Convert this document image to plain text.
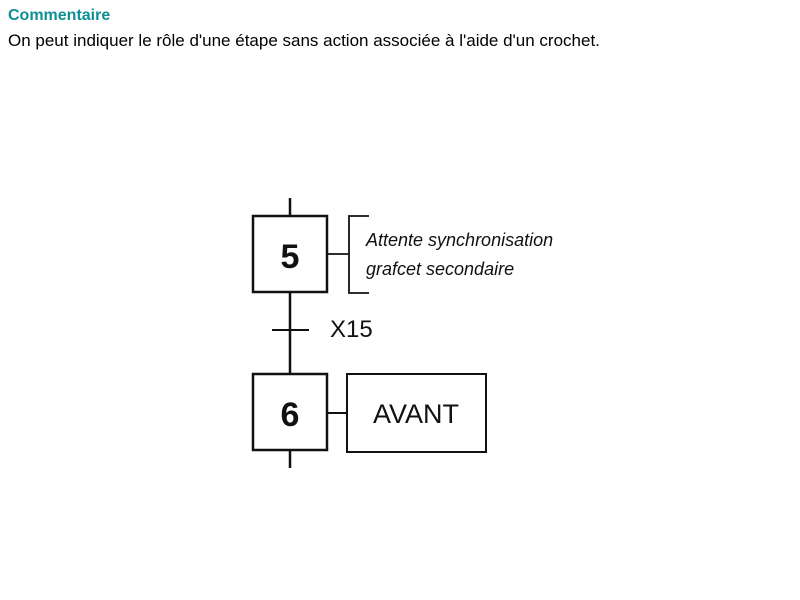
Commentaire
On peut indiquer le rôle d'une étape sans action associée à l'aide d'un crochet.
5	Attente synchronisation
grafcet secondaire
X15
6	AVANT
